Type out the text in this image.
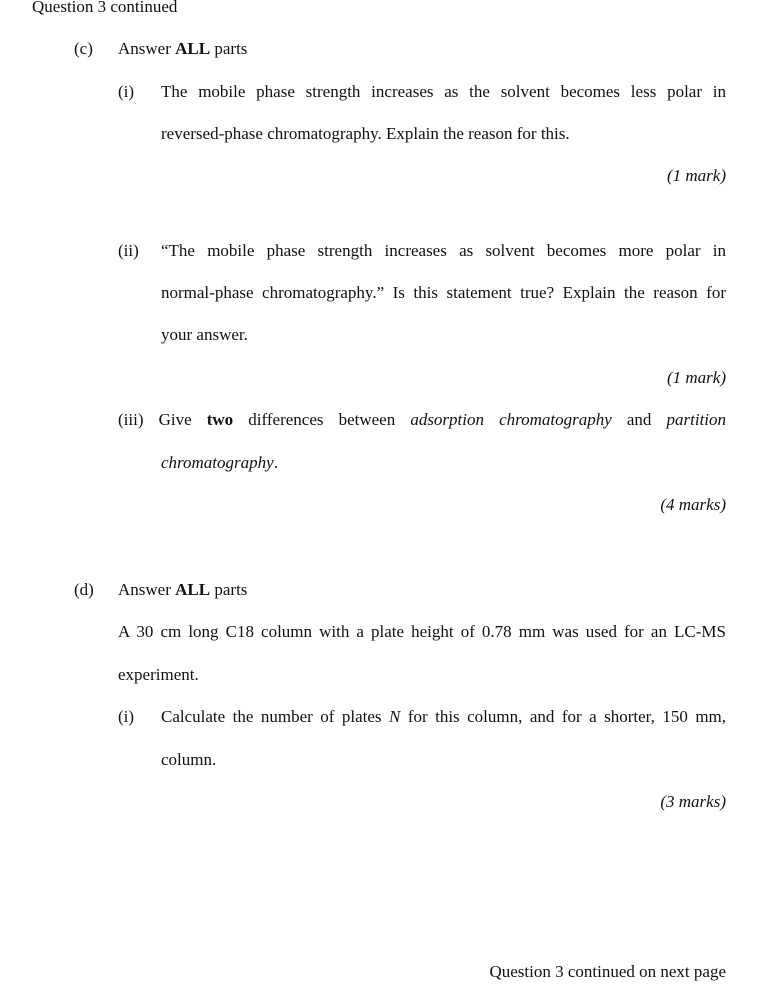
Question 3 continued
(c) Answer ALL parts
(i) The mobile phase strength increases as the solvent becomes less polar in
reversed-phase chromatography. Explain the reason for this.
(1 mark)
(ii) “The mobile phase strength increases as solvent becomes more polar in
normal-phase chromatography.” Is this statement true? Explain the reason for
your answer.
(1 mark)
(iii) Give two differences between adsorption chromatography and partition
chromatography.
(4 marks)
(d) Answer ALL parts
A 30 cm long C18 column with a plate height of 0.78 mm was used for an LC-MS
experiment.
(i) Calculate the number of plates N for this column, and for a shorter, 150 mm,
column.
(3 marks)
Question 3 continued on next page
